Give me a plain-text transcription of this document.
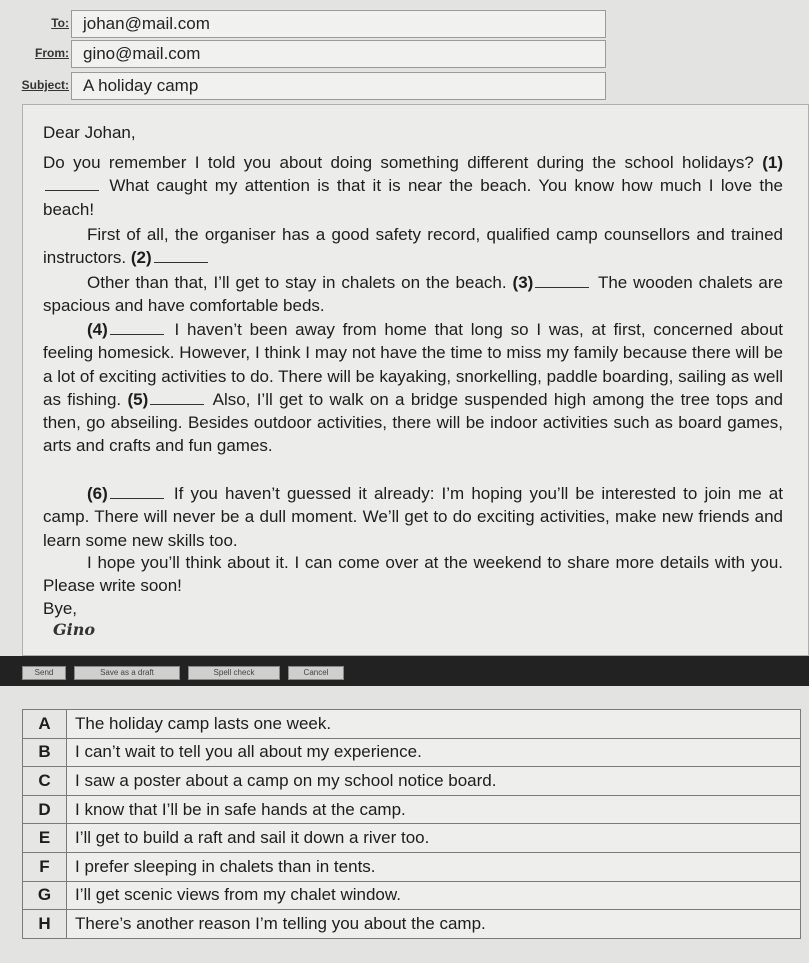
To: johan@mail.com
From: gino@mail.com
Subject: A holiday camp

Dear Johan,

Do you remember I told you about doing something different during the school holidays? (1) What caught my attention is that it is near the beach. You know how much I love the beach!

First of all, the organiser has a good safety record, qualified camp counsellors and trained instructors. (2)

Other than that, I’ll get to stay in chalets on the beach. (3)	The wooden chalets are spacious and have comfortable beds.

(4)	I haven’t been away from home that long so I was, at first, concerned about feeling homesick. However, I think I may not have the time to miss my family because there will be a lot of exciting activities to do. There will be kayaking, snorkelling, paddle boarding, sailing as well as fishing. (5)	Also, I’ll get to walk on a bridge suspended high among the tree tops and then, go abseiling. Besides outdoor activities, there will be indoor activities such as board games, arts and crafts and fun games.

(6)	If you haven’t guessed it already: I’m hoping you’ll be interested to join me at camp. There will never be a dull moment. We’ll get to do exciting activities, make new friends and learn some new skills too.

I hope you’ll think about it. I can come over at the weekend to share more details with you. Please write soon!

Bye,

Gino
Send	Save as a draft	Spell check	Cancel
A	The holiday camp lasts one week.
B	I can’t wait to tell you all about my experience.
C	I saw a poster about a camp on my school notice board.
D	I know that I’ll be in safe hands at the camp.
E	I’ll get to build a raft and sail it down a river too.
F	I prefer sleeping in chalets than in tents.
G	I’ll get scenic views from my chalet window.
H	There’s another reason I’m telling you about the camp.
